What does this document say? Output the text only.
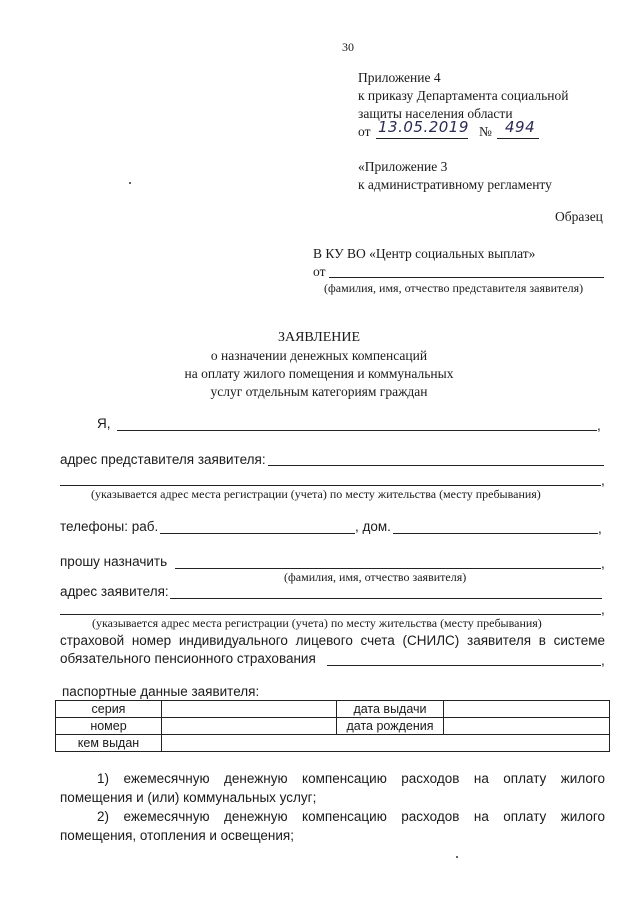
30
Приложение 4
к приказу Департамента социальной
защиты населения области
от 13.05.2019 № 494
«Приложение 3
к административному регламенту
Образец
В КУ ВО «Центр социальных выплат»
от
(фамилия, имя, отчество представителя заявителя)
ЗАЯВЛЕНИЕ
о назначении денежных компенсаций
на оплату жилого помещения и коммунальных
услуг отдельным категориям граждан
Я,	,
адрес представителя заявителя:
,
(указывается адрес места регистрации (учета) по месту жительства (месту пребывания)
телефоны: раб.	, дом.	,
прошу назначить	,
(фамилия, имя, отчество заявителя)
адрес заявителя:
,
(указывается адрес места регистрации (учета) по месту жительства (месту пребывания)
страховой номер индивидуального лицевого счета (СНИЛС) заявителя в системе
обязательного пенсионного страхования	,
паспортные данные заявителя:
серия		дата выдачи	
номер		дата рождения	
кем выдан			
1) ежемесячную денежную компенсацию расходов на оплату жилого
помещения и (или) коммунальных услуг;
2) ежемесячную денежную компенсацию расходов на оплату жилого
помещения, отопления и освещения;
